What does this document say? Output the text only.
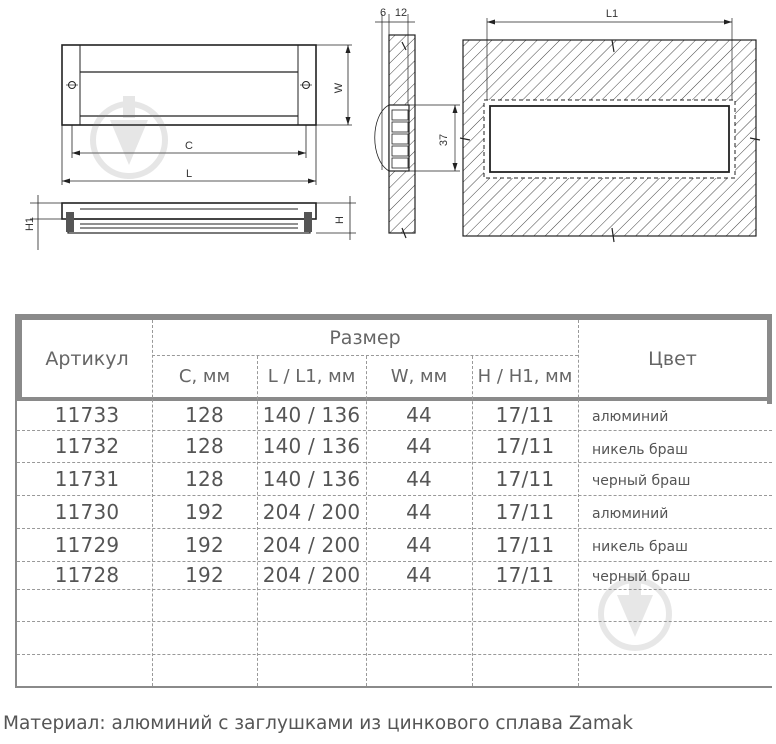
C
L
W
H
H1
6 12
37
L1
Артикул
Размер
Цвет
C, мм	L / L1, мм	W, мм	H / H1, мм
11733	128	140 / 136	44	17/11	алюминий
11732	128	140 / 136	44	17/11	никель браш
11731	128	140 / 136	44	17/11	черный браш
11730	192	204 / 200	44	17/11	алюминий
11729	192	204 / 200	44	17/11	никель браш
11728	192	204 / 200	44	17/11	черный браш
Материал: алюминий с заглушками из цинкового сплава Zamak
